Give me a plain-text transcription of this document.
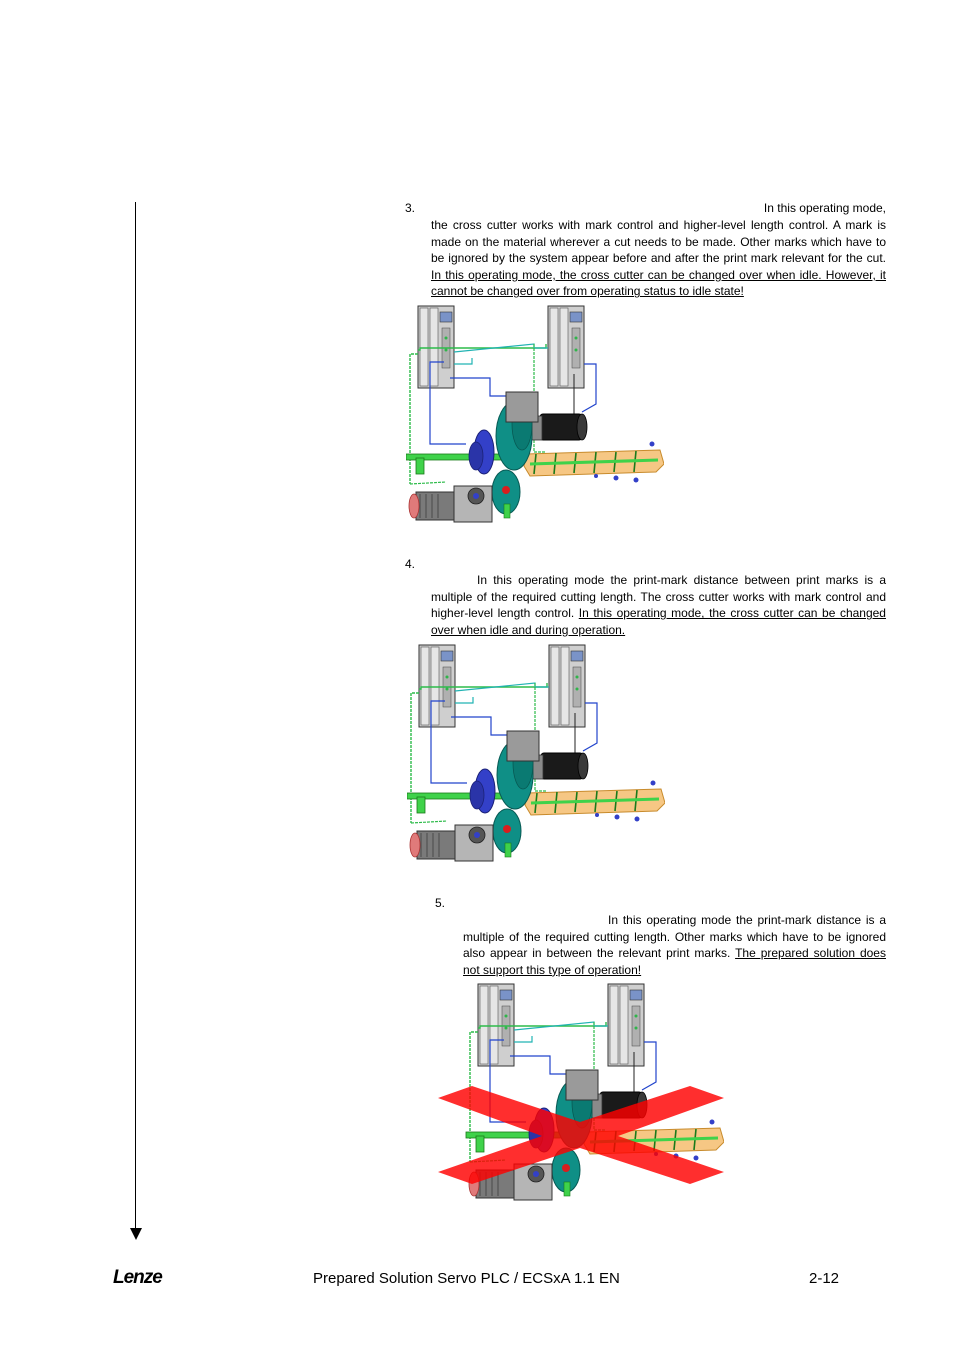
3.	In this operating mode,
the cross cutter works with mark control and higher-level length control. A mark is made on the material wherever a cut needs to be made. Other marks which have to be ignored by the system appear before and after the print mark relevant for the cut. In this operating mode, the cross cutter can be changed over when idle. However, it cannot be changed over from operating status to idle state!
4.
In this operating mode the print-mark distance between print marks is a multiple of the required cutting length. The cross cutter works with mark control and higher-level length control. In this operating mode, the cross cutter can be changed over when idle and during operation.
5.
In this operating mode the print-mark distance is a multiple of the required cutting length. Other marks which have to be ignored also appear in between the relevant print marks. The prepared solution does not support this type of operation!
Lenze	Prepared Solution Servo PLC / ECSxA 1.1 EN	2-12
